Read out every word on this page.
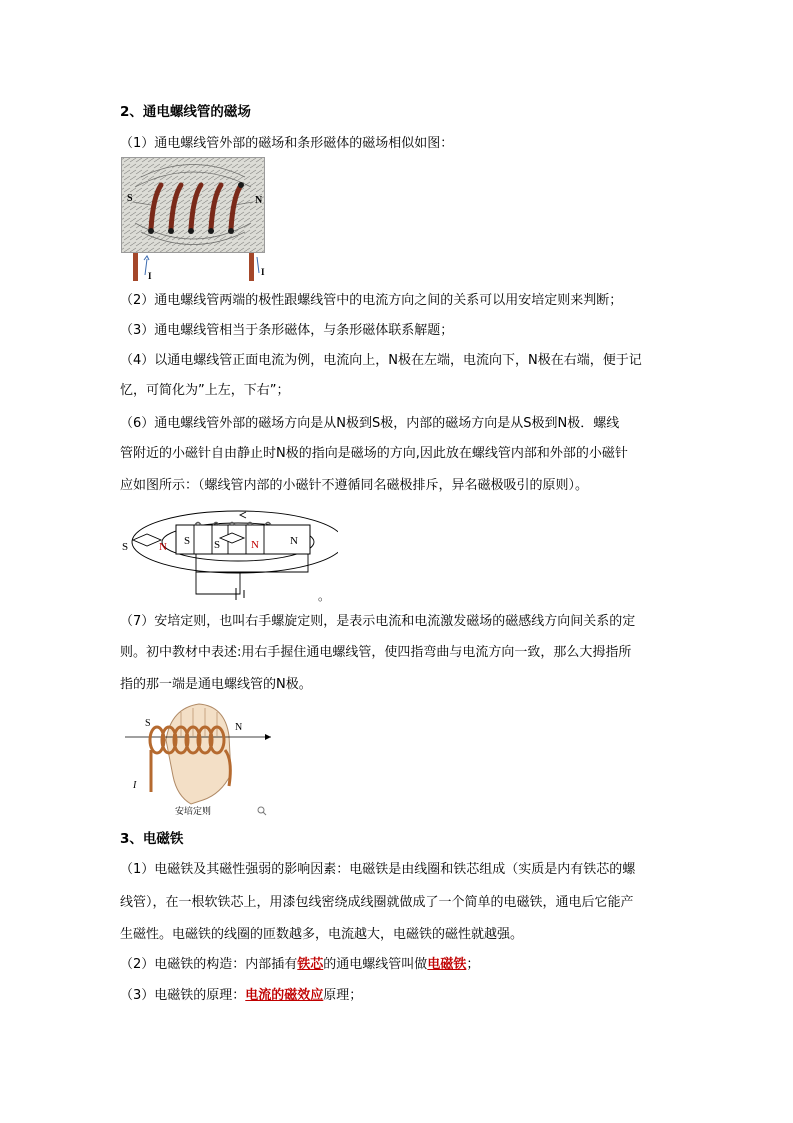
2、通电螺线管的磁场
（1）通电螺线管外部的磁场和条形磁体的磁场相似如图：
S	N
I	I
（2）通电螺线管两端的极性跟螺线管中的电流方向之间的关系可以用安培定则来判断；
（3）通电螺线管相当于条形磁体，与条形磁体联系解题；
（4）以通电螺线管正面电流为例，电流向上，N极在左端，电流向下，N极在右端，便于记
忆，可简化为”上左，下右”；
（6）通电螺线管外部的磁场方向是从N极到S极，内部的磁场方向是从S极到N极．螺线
管附近的小磁针自由静止时N极的指向是磁场的方向,因此放在螺线管内部和外部的小磁针
应如图所示：（螺线管内部的小磁针不遵循同名磁极排斥，异名磁极吸引的原则）。
S	N S S	N	N
。
（7）安培定则，也叫右手螺旋定则，是表示电流和电流激发磁场的磁感线方向间关系的定
则。初中教材中表述:用右手握住通电螺线管，使四指弯曲与电流方向一致，那么大拇指所
指的那一端是通电螺线管的N极。
S	N
I
安培定则
3、电磁铁
（1）电磁铁及其磁性强弱的影响因素：电磁铁是由线圈和铁芯组成（实质是内有铁芯的螺
线管），在一根软铁芯上，用漆包线密绕成线圈就做成了一个简单的电磁铁，通电后它能产
生磁性。电磁铁的线圈的匝数越多，电流越大，电磁铁的磁性就越强。
（2）电磁铁的构造：内部插有铁芯的通电螺线管叫做电磁铁；
（3）电磁铁的原理：电流的磁效应原理；
